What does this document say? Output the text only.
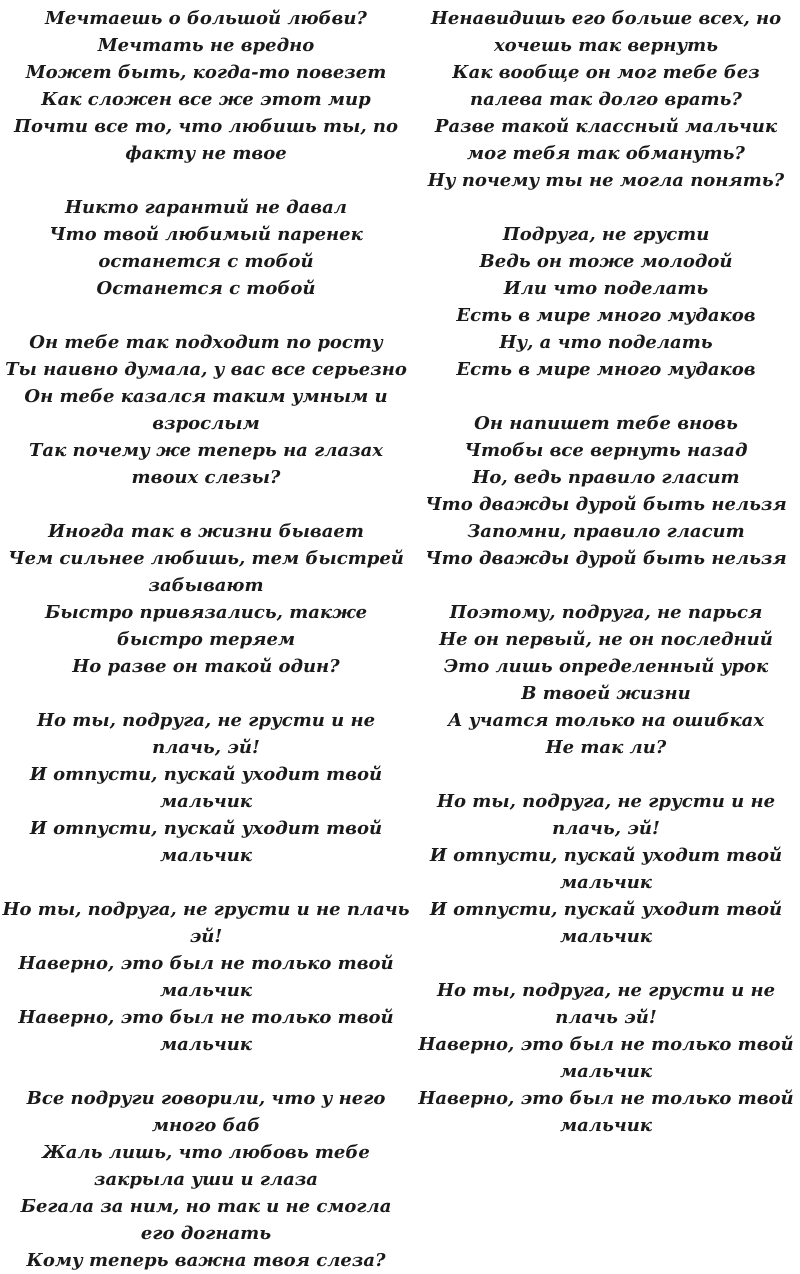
Мечтаешь о большой любви? Мечтать не вредно
Может быть, когда-то повезет
Как сложен все же этот мир
Почти все то, что любишь ты, по факту не твое
Никто гарантий не давал
Что твой любимый паренек останется с тобой
Останется с тобой
Он тебе так подходит по росту
Ты наивно думала, у вас все серьезно
Он тебе казался таким умным и взрослым
Так почему же теперь на глазах твоих слезы?
Иногда так в жизни бывает
Чем сильнее любишь, тем быстрей забывают
Быстро привязались, также быстро теряем
Но разве он такой один?
Но ты, подруга, не грусти и не плачь, эй!
И отпусти, пускай уходит твой мальчик
И отпусти, пускай уходит твой мальчик
Но ты, подруга, не грусти и не плачь эй!
Наверно, это был не только твой мальчик
Наверно, это был не только твой мальчик
Все подруги говорили, что у него много баб
Жаль лишь, что любовь тебе закрыла уши и глаза
Бегала за ним, но так и не смогла его догнать
Кому теперь важна твоя слеза?
Ненавидишь его больше всех, но хочешь так вернуть
Как вообще он мог тебе без палева так долго врать?
Разве такой классный мальчик мог тебя так обмануть?
Ну почему ты не могла понять?
Подруга, не грусти
Ведь он тоже молодой
Или что поделать
Есть в мире много мудаков
Ну, а что поделать
Есть в мире много мудаков
Он напишет тебе вновь
Чтобы все вернуть назад
Но, ведь правило гласит
Что дважды дурой быть нельзя
Запомни, правило гласит
Что дважды дурой быть нельзя
Поэтому, подруга, не парься
Не он первый, не он последний
Это лишь определенный урок
В твоей жизни
А учатся только на ошибках
Не так ли?
Но ты, подруга, не грусти и не плачь, эй!
И отпусти, пускай уходит твой мальчик
И отпусти, пускай уходит твой мальчик
Но ты, подруга, не грусти и не плачь эй!
Наверно, это был не только твой мальчик
Наверно, это был не только твой мальчик
